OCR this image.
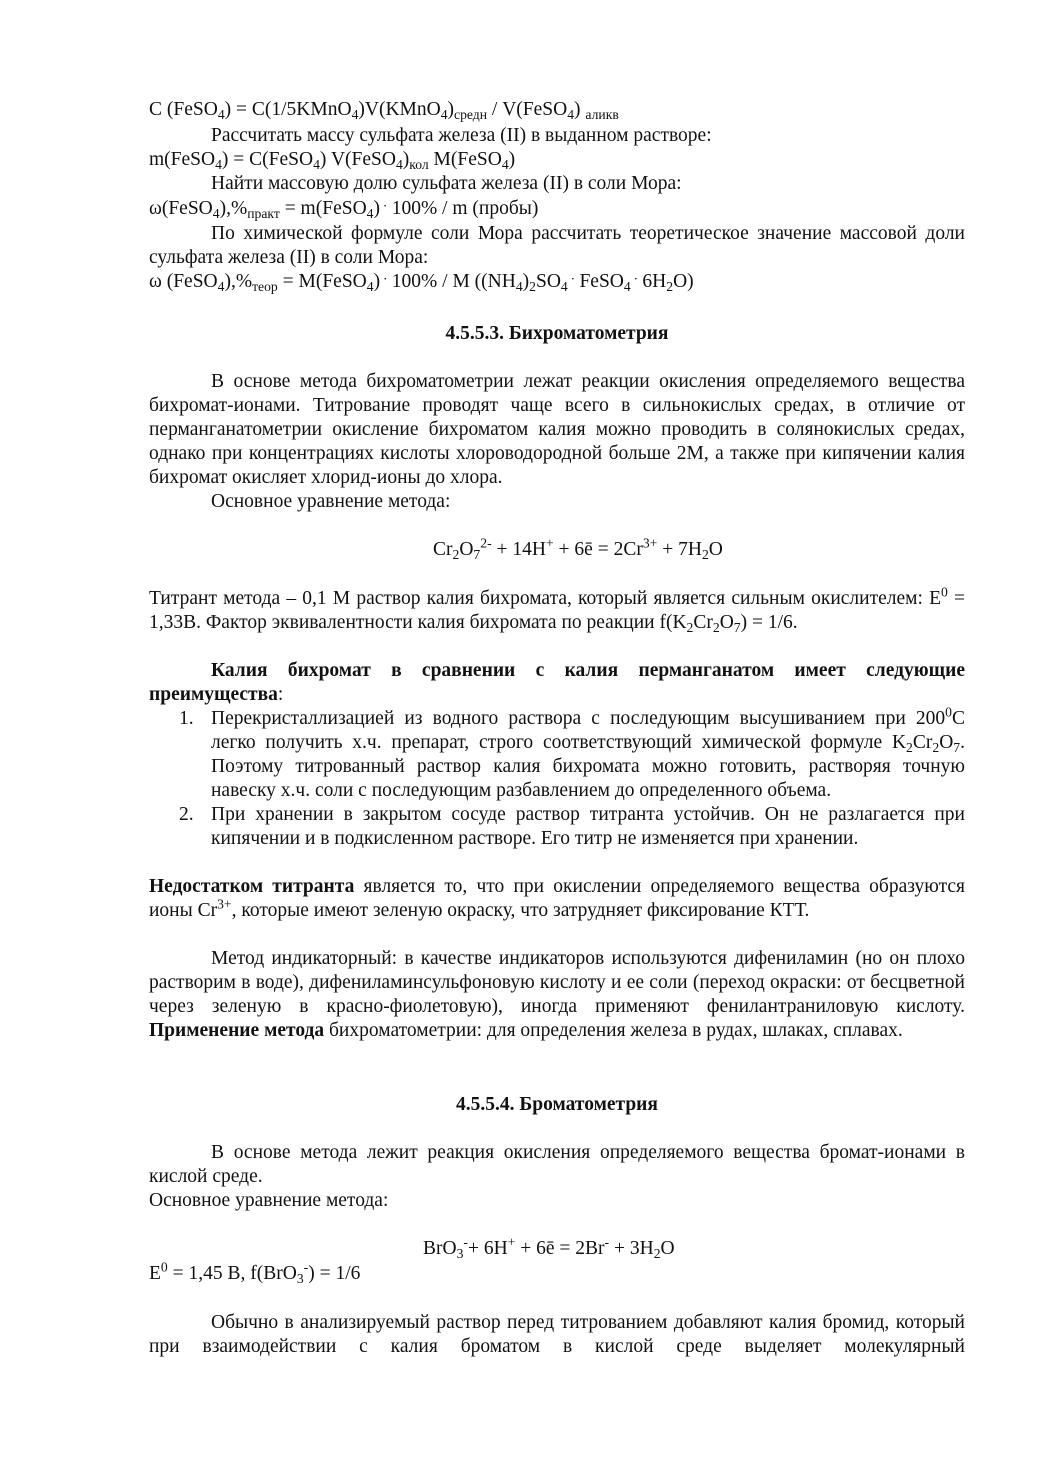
C (FeSO$_4$) = $C(1/5KMnO_4)V(KMnO_4)_{средн}$ / V(FeSO$_4$) $_{аликв}$

Рассчитать массу сульфата железа (II) в выданном растворе:

m(FeSO$_4$) = C(FeSO$_4$) $V(FeSO_4)_{кол}$ M(FeSO$_4$)

Найти массовую долю сульфата железа (II) в соли Мора:

$\omega(FeSO_4),\%_{практ}$ = m(FeSO$_4$) . 100% / m (пробы)

По химической формуле соли Мора рассчитать теоретическое значение массовой доли сульфата железа (II) в соли Мора:

ω $(FeSO_4),\%_{теор}$ = M(FeSO$_4$) . 100% / M ($(NH_4)_2SO_4$ . FeSO$_4$ . $6H_2O$)

4.5.5.3. Бихроматометрия

В основе метода бихроматометрии лежат реакции окисления определяемого вещества бихромат-ионами. Титрование проводят чаще всего в сильнокислых средах, в отличие от перманганатометрии окисление бихроматом калия можно проводить в солянокислых средах, однако при концентрациях кислоты хлороводородной больше 2М, а также при кипячении калия бихромат окисляет хлорид-ионы до хлора.

Основное уравнение метода:

$Cr_2O_7^{2-} + 14H^+$ + 6ē = $2Cr^{3+} + 7H_2O$

Титрант метода – 0,1 М раствор калия бихромата, который является сильным окислителем: $E^0 = 1,33В$. Фактор эквивалентности калия бихромата по реакции $f(K_2Cr_2O_7) = 1/6$.

Калия бихромат в сравнении с калия перманганатом имеет следующие преимущества:

1. Перекристаллизацией из водного раствора с последующим высушиванием при $200^0С$ легко получить х.ч. препарат, строго соответствующий химической формуле $K_2Cr_2O_7$. Поэтому титрованный раствор калия бихромата можно готовить, растворяя точную навеску х.ч. соли с последующим разбавлением до определенного объема.
2. При хранении в закрытом сосуде раствор титранта устойчив. Он не разлагается при кипячении и в подкисленном растворе. Его титр не изменяется при хранении.

Недостатком титранта является то, что при окислении определяемого вещества образуются ионы $Cr^{3+}$, которые имеют зеленую окраску, что затрудняет фиксирование КТТ.

Метод индикаторный: в качестве индикаторов используются дифениламин (но он плохо растворим в воде), дифениламинсульфоновую кислоту и ее соли (переход окраски: от бесцветной через зеленую в красно-фиолетовую), иногда применяют фенилантраниловую кислоту. Применение метода бихроматометрии: для определения железа в рудах, шлаках, сплавах.

4.5.5.4. Броматометрия

В основе метода лежит реакция окисления определяемого вещества бромат-ионами в кислой среде.

Основное уравнение метода:

BrO$_3$-+ 6H+ + 6ē = $2Br^- + 3H_2O$

$E^0 = 1,45$ В, f(BrO$_3$-) = 1/6

Обычно в анализируемый раствор перед титрованием добавляют калия бромид, который при взаимодействии с калия броматом в кислой среде выделяет молекулярный
